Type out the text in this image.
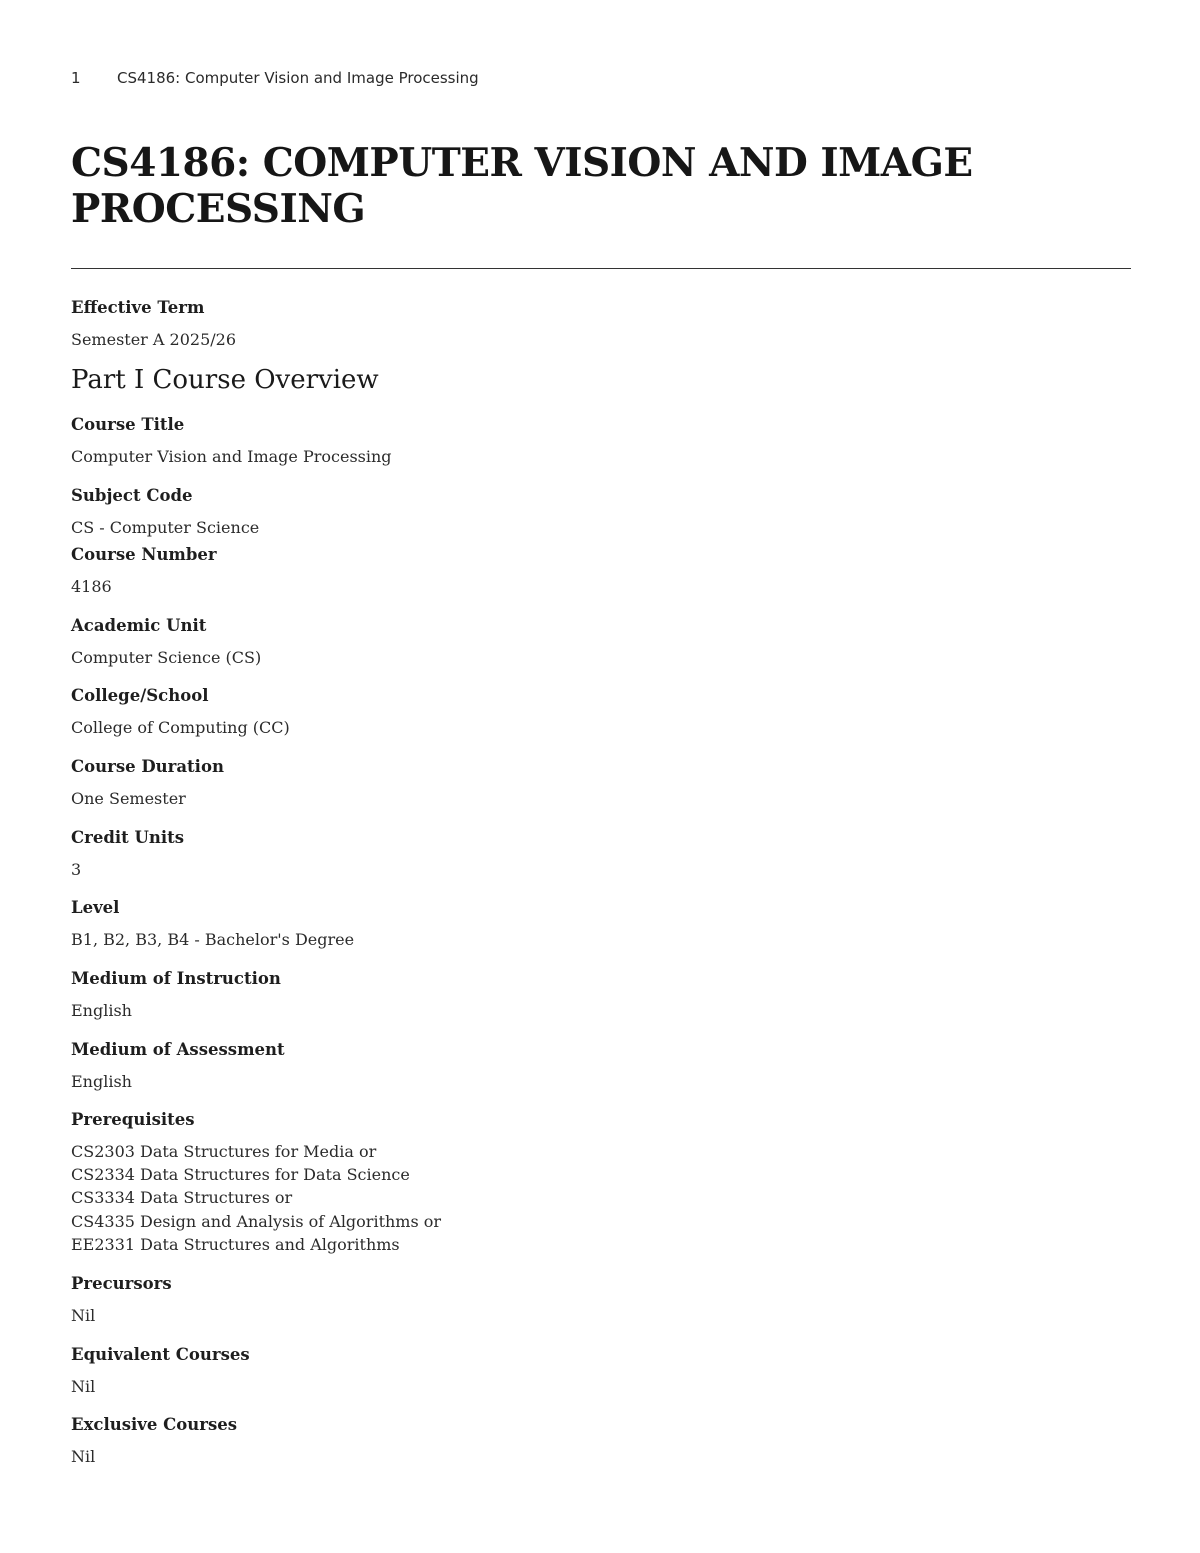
1 CS4186: Computer Vision and Image Processing
CS4186: COMPUTER VISION AND IMAGE PROCESSING
Effective Term
Semester A 2025/26
Part I Course Overview
Course Title
Computer Vision and Image Processing
Subject Code
CS - Computer Science
Course Number
4186
Academic Unit
Computer Science (CS)
College/School
College of Computing (CC)
Course Duration
One Semester
Credit Units
3
Level
B1, B2, B3, B4 - Bachelor's Degree
Medium of Instruction
English
Medium of Assessment
English
Prerequisites
CS2303 Data Structures for Media or
CS2334 Data Structures for Data Science
CS3334 Data Structures or
CS4335 Design and Analysis of Algorithms or
EE2331 Data Structures and Algorithms
Precursors
Nil
Equivalent Courses
Nil
Exclusive Courses
Nil
